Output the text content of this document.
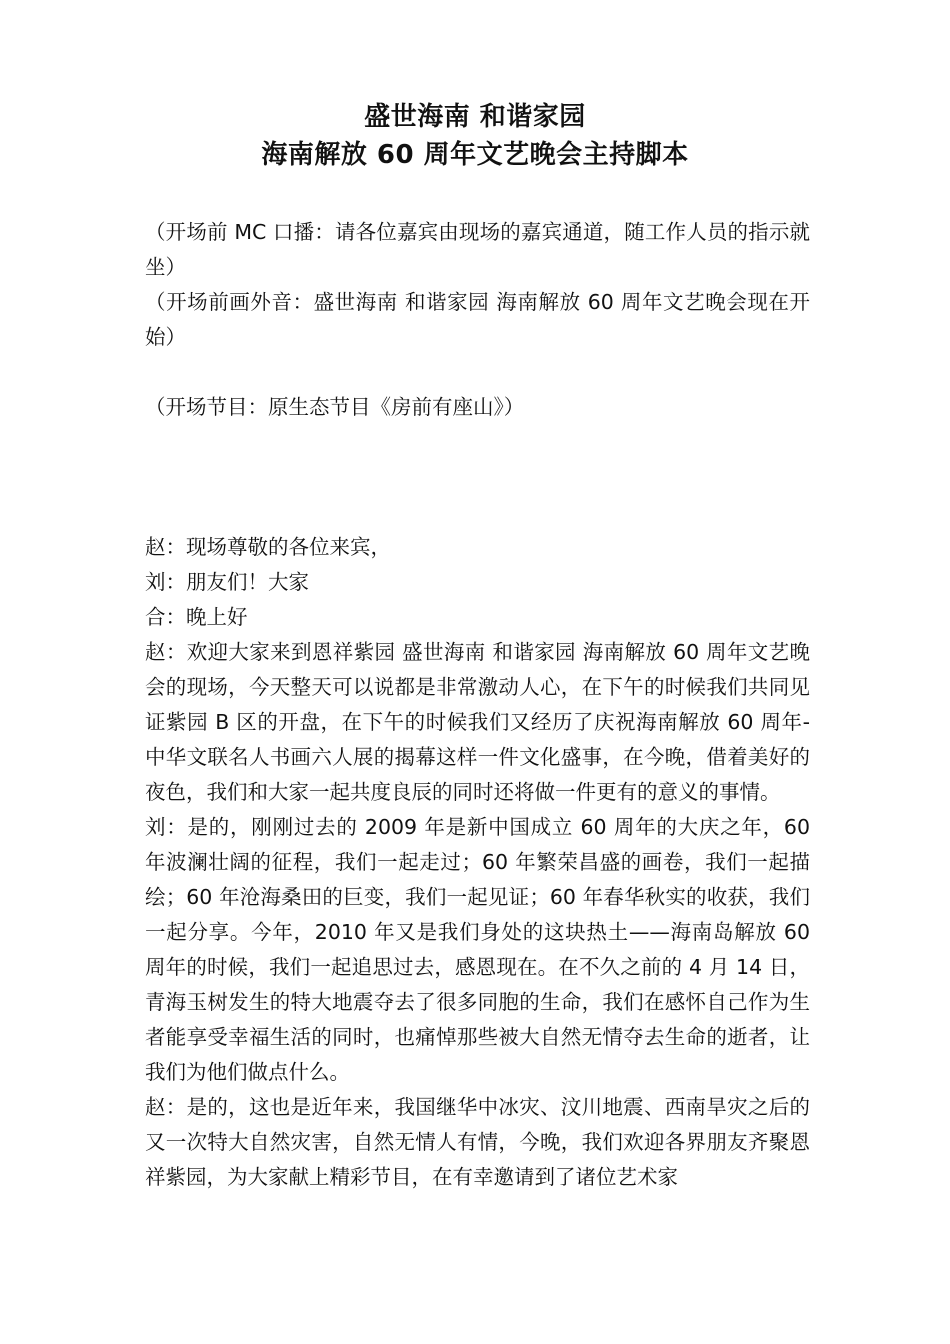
盛世海南 和谐家园
海南解放 60 周年文艺晚会主持脚本

（开场前 MC 口播：请各位嘉宾由现场的嘉宾通道，随工作人员的指示就坐）

（开场前画外音：盛世海南 和谐家园 海南解放 60 周年文艺晚会现在开始）

（开场节目：原生态节目《房前有座山》）

赵：现场尊敬的各位来宾，

刘：朋友们！大家

合：晚上好

赵：欢迎大家来到恩祥紫园 盛世海南 和谐家园 海南解放 60 周年文艺晚会的现场，今天整天可以说都是非常激动人心，在下午的时候我们共同见证紫园 B 区的开盘，在下午的时候我们又经历了庆祝海南解放 60 周年-中华文联名人书画六人展的揭幕这样一件文化盛事，在今晚，借着美好的夜色，我们和大家一起共度良辰的同时还将做一件更有的意义的事情。

刘：是的，刚刚过去的 2009 年是新中国成立 60 周年的大庆之年，60 年波澜壮阔的征程，我们一起走过；60 年繁荣昌盛的画卷，我们一起描绘；60 年沧海桑田的巨变，我们一起见证；60 年春华秋实的收获，我们一起分享。今年，2010 年又是我们身处的这块热土——海南岛解放 60 周年的时候，我们一起追思过去，感恩现在。在不久之前的 4 月 14 日，青海玉树发生的特大地震夺去了很多同胞的生命，我们在感怀自己作为生者能享受幸福生活的同时，也痛悼那些被大自然无情夺去生命的逝者，让我们为他们做点什么。

赵：是的，这也是近年来，我国继华中冰灾、汶川地震、西南旱灾之后的又一次特大自然灾害，自然无情人有情，今晚，我们欢迎各界朋友齐聚恩祥紫园，为大家献上精彩节目，在有幸邀请到了诸位艺术家
